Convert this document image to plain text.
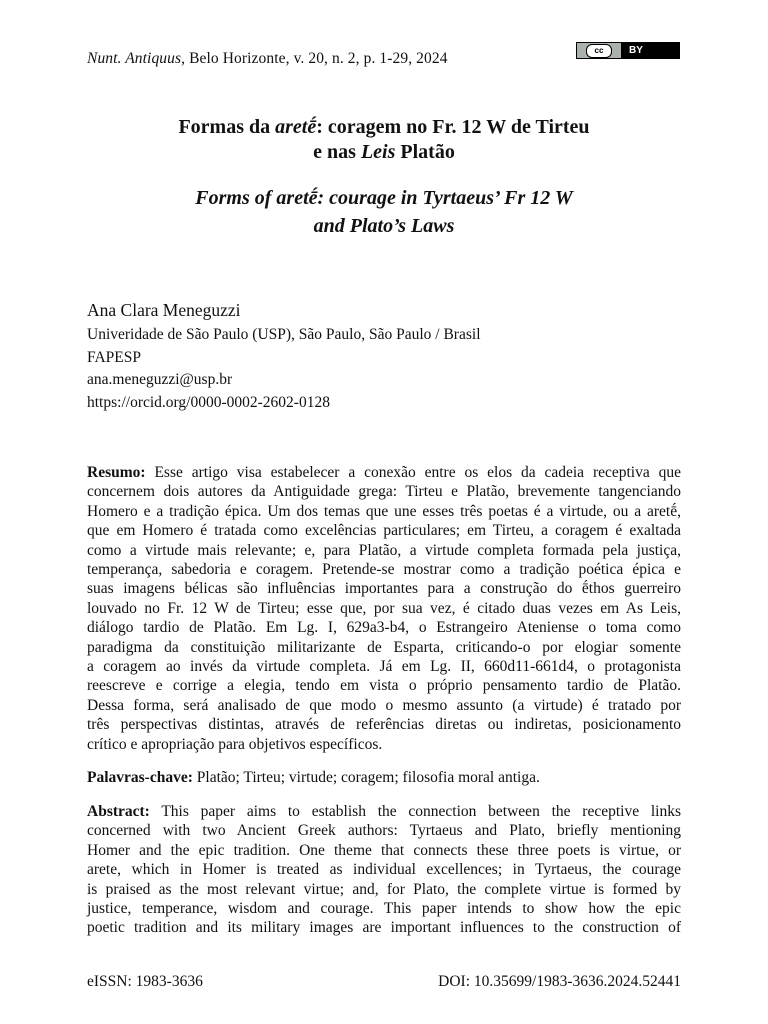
Nunt. Antiquus, Belo Horizonte, v. 20, n. 2, p. 1-29, 2024	cc	BY
Formas da aretḗ: coragem no Fr. 12 W de Tirteu
e nas Leis Platão
Forms of aretḗ: courage in Tyrtaeus’ Fr 12 W
and Plato’s Laws
Ana Clara Meneguzzi
Univeridade de São Paulo (USP), São Paulo, São Paulo / Brasil
FAPESP
ana.meneguzzi@usp.br
https://orcid.org/0000-0002-2602-0128
Resumo: Esse artigo visa estabelecer a conexão entre os elos da cadeia receptiva que
concernem dois autores da Antiguidade grega: Tirteu e Platão, brevemente tangenciando
Homero e a tradição épica. Um dos temas que une esses três poetas é a virtude, ou a aretḗ,
que em Homero é tratada como excelências particulares; em Tirteu, a coragem é exaltada
como a virtude mais relevante; e, para Platão, a virtude completa formada pela justiça,
temperança, sabedoria e coragem. Pretende-se mostrar como a tradição poética épica e
suas imagens bélicas são influências importantes para a construção do ḗthos guerreiro
louvado no Fr. 12 W de Tirteu; esse que, por sua vez, é citado duas vezes em As Leis,
diálogo tardio de Platão. Em Lg. I, 629a3-b4, o Estrangeiro Ateniense o toma como
paradigma da constituição militarizante de Esparta, criticando-o por elogiar somente
a coragem ao invés da virtude completa. Já em Lg. II, 660d11-661d4, o protagonista
reescreve e corrige a elegia, tendo em vista o próprio pensamento tardio de Platão.
Dessa forma, será analisado de que modo o mesmo assunto (a virtude) é tratado por
três perspectivas distintas, através de referências diretas ou indiretas, posicionamento
crítico e apropriação para objetivos específicos.
Palavras-chave: Platão; Tirteu; virtude; coragem; filosofia moral antiga.
Abstract: This paper aims to establish the connection between the receptive links
concerned with two Ancient Greek authors: Tyrtaeus and Plato, briefly mentioning
Homer and the epic tradition. One theme that connects these three poets is virtue, or
arete, which in Homer is treated as individual excellences; in Tyrtaeus, the courage
is praised as the most relevant virtue; and, for Plato, the complete virtue is formed by
justice, temperance, wisdom and courage. This paper intends to show how the epic
poetic tradition and its military images are important influences to the construction of
eISSN: 1983-3636	DOI: 10.35699/1983-3636.2024.52441
